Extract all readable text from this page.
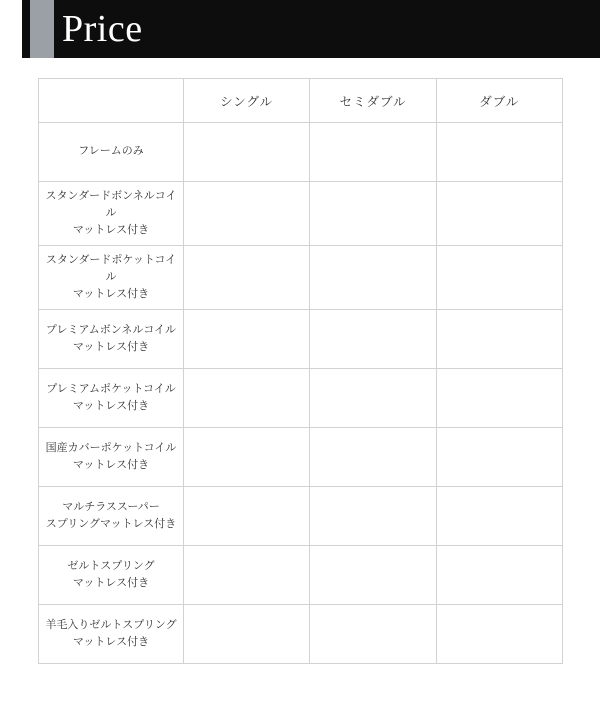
Price
	シングル	セミダブル	ダブル

フレームのみ			

スタンダードボンネルコイル
マットレス付き			

スタンダードポケットコイル
マットレス付き			

プレミアムボンネルコイル
マットレス付き			

プレミアムポケットコイル
マットレス付き			

国産カバーポケットコイル
マットレス付き			

マルチラススーパー
スプリングマットレス付き			

ゼルトスプリング
マットレス付き			

羊毛入りゼルトスプリング
マットレス付き			
